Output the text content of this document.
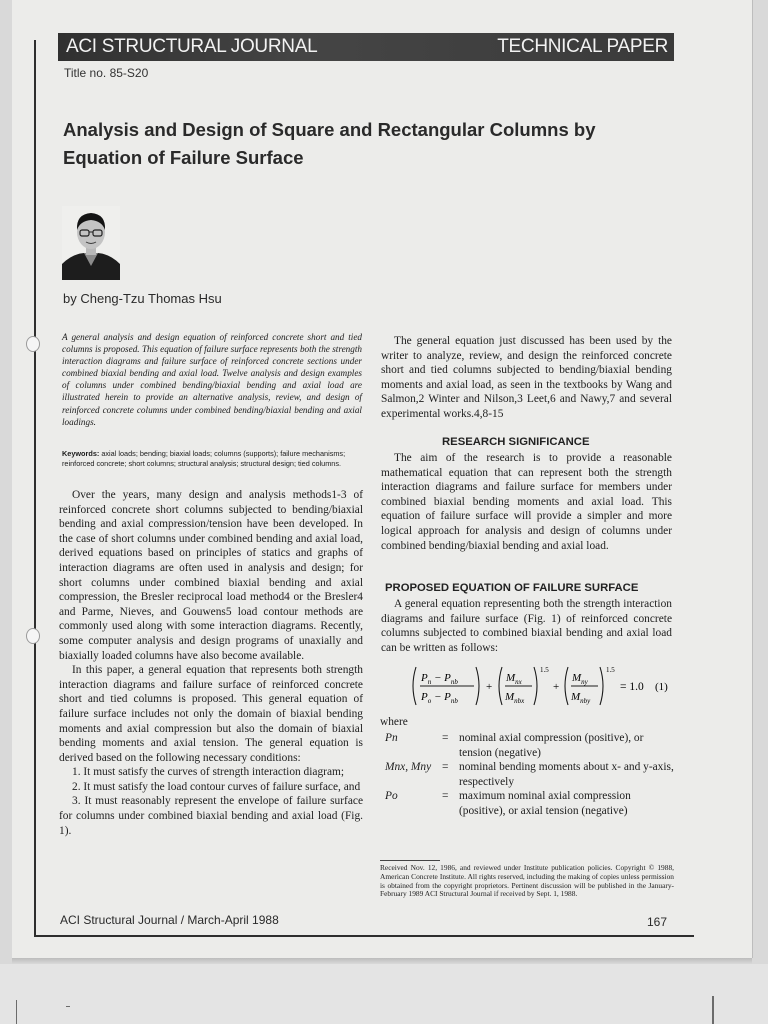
ACI STRUCTURAL JOURNAL	TECHNICAL PAPER
Title no. 85-S20
Analysis and Design of Square and Rectangular Columns by Equation of Failure Surface
by Cheng-Tzu Thomas Hsu
A general analysis and design equation of reinforced concrete short and tied columns is proposed. This equation of failure surface represents both the strength interaction diagrams and failure surface of reinforced concrete sections under combined biaxial bending and axial load. Twelve analysis and design examples of columns under combined bending/biaxial bending and axial load are illustrated herein to provide an alternative analysis, review, and design of reinforced concrete columns under combined bending/biaxial bending and axial loadings.
Keywords: axial loads; bending; biaxial loads; columns (supports); failure mechanisms; reinforced concrete; short columns; structural analysis; structural design; tied columns.

Over the years, many design and analysis methods1-3 of reinforced concrete short columns subjected to bending/biaxial bending and axial compression/tension have been developed. In the case of short columns under combined bending and axial load, derived equations based on principles of statics and graphs of interaction diagrams are often used in analysis and design; for short columns under combined biaxial bending and axial compression, the Bresler reciprocal load method4 or the Bresler4 and Parme, Nieves, and Gouwens5 load contour methods are commonly used along with some interaction diagrams. Recently, some computer analysis and design programs of unaxially and biaxially loaded columns have also become available.

In this paper, a general equation that represents both strength interaction diagrams and failure surface of reinforced concrete short and tied columns is proposed. This general equation of failure surface includes not only the domain of biaxial bending moments and axial compression but also the domain of biaxial bending moments and axial tension. The general equation is derived based on the following necessary conditions:

1. It must satisfy the curves of strength interaction diagram;

2. It must satisfy the load contour curves of failure surface, and

3. It must reasonably represent the envelope of failure surface for columns under combined biaxial bending and axial load (Fig. 1).

The general equation just discussed has been used by the writer to analyze, review, and design the reinforced concrete short and tied columns subjected to bending/biaxial bending moments and axial load, as seen in the textbooks by Wang and Salmon,2 Winter and Nilson,3 Leet,6 and Nawy,7 and several experimental works.4,8-15

RESEARCH SIGNIFICANCE

The aim of the research is to provide a reasonable mathematical equation that can represent both the strength interaction diagrams and failure surface for members under combined biaxial bending moments and axial load. This equation of failure surface will provide a simpler and more logical approach for analysis and design of columns under combined bending/biaxial bending and axial load.

PROPOSED EQUATION OF FAILURE SURFACE

A general equation representing both the strength interaction diagrams and failure surface (Fig. 1) of reinforced concrete columns subjected to combined biaxial bending and axial load can be written as follows:

$P_n - P_{nb}$
$P_o - P_{nb}$
+
$M_{nx}$
$M_{nbx}$
1.5
+
$M_{ny}$
$M_{nby}$
1.5
= 1.0 (1)
where
Pn	= nominal axial compression (positive), or tension (negative)
Mnx, Mny = nominal bending moments about x- and y-axis, respectively
Po	= maximum nominal axial compression (positive), or axial tension (negative)
Received Nov. 12, 1986, and reviewed under Institute publication policies. Copyright © 1988, American Concrete Institute. All rights reserved, including the making of copies unless permission is obtained from the copyright proprietors. Pertinent discussion will be published in the January-February 1989 ACI Structural Journal if received by Sept. 1, 1988.
ACI Structural Journal / March-April 1988	167
